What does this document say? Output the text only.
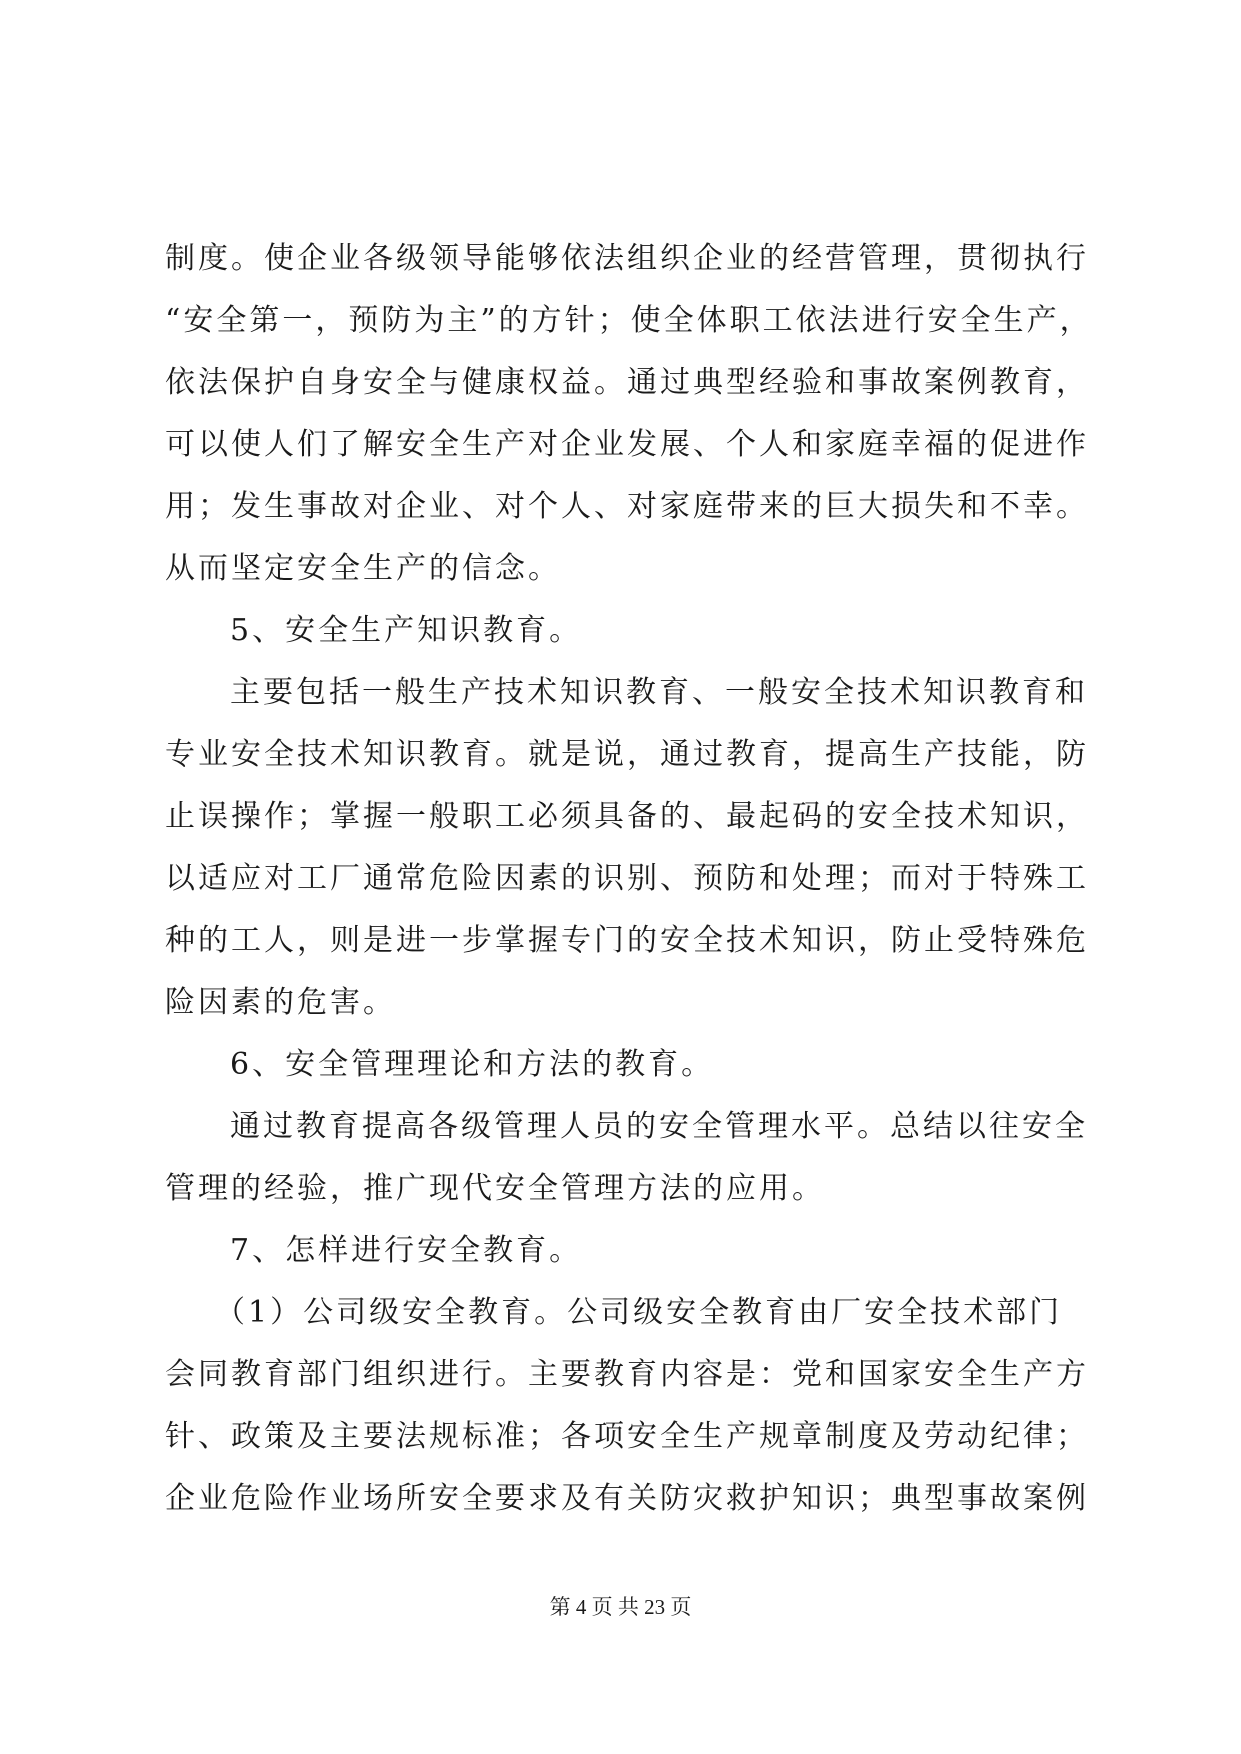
制度。使企业各级领导能够依法组织企业的经营管理，贯彻执行
“安全第一，预防为主”的方针；使全体职工依法进行安全生产，
依法保护自身安全与健康权益。通过典型经验和事故案例教育，
可以使人们了解安全生产对企业发展、个人和家庭幸福的促进作
用；发生事故对企业、对个人、对家庭带来的巨大损失和不幸。
从而坚定安全生产的信念。
5、安全生产知识教育。
主要包括一般生产技术知识教育、一般安全技术知识教育和
专业安全技术知识教育。就是说，通过教育，提高生产技能，防
止误操作；掌握一般职工必须具备的、最起码的安全技术知识，
以适应对工厂通常危险因素的识别、预防和处理；而对于特殊工
种的工人，则是进一步掌握专门的安全技术知识，防止受特殊危
险因素的危害。
6、安全管理理论和方法的教育。
通过教育提高各级管理人员的安全管理水平。总结以往安全
管理的经验，推广现代安全管理方法的应用。
7、怎样进行安全教育。
（1）公司级安全教育。公司级安全教育由厂安全技术部门
会同教育部门组织进行。主要教育内容是：党和国家安全生产方
针、政策及主要法规标准；各项安全生产规章制度及劳动纪律；
企业危险作业场所安全要求及有关防灾救护知识；典型事故案例
第 4 页 共 23 页
